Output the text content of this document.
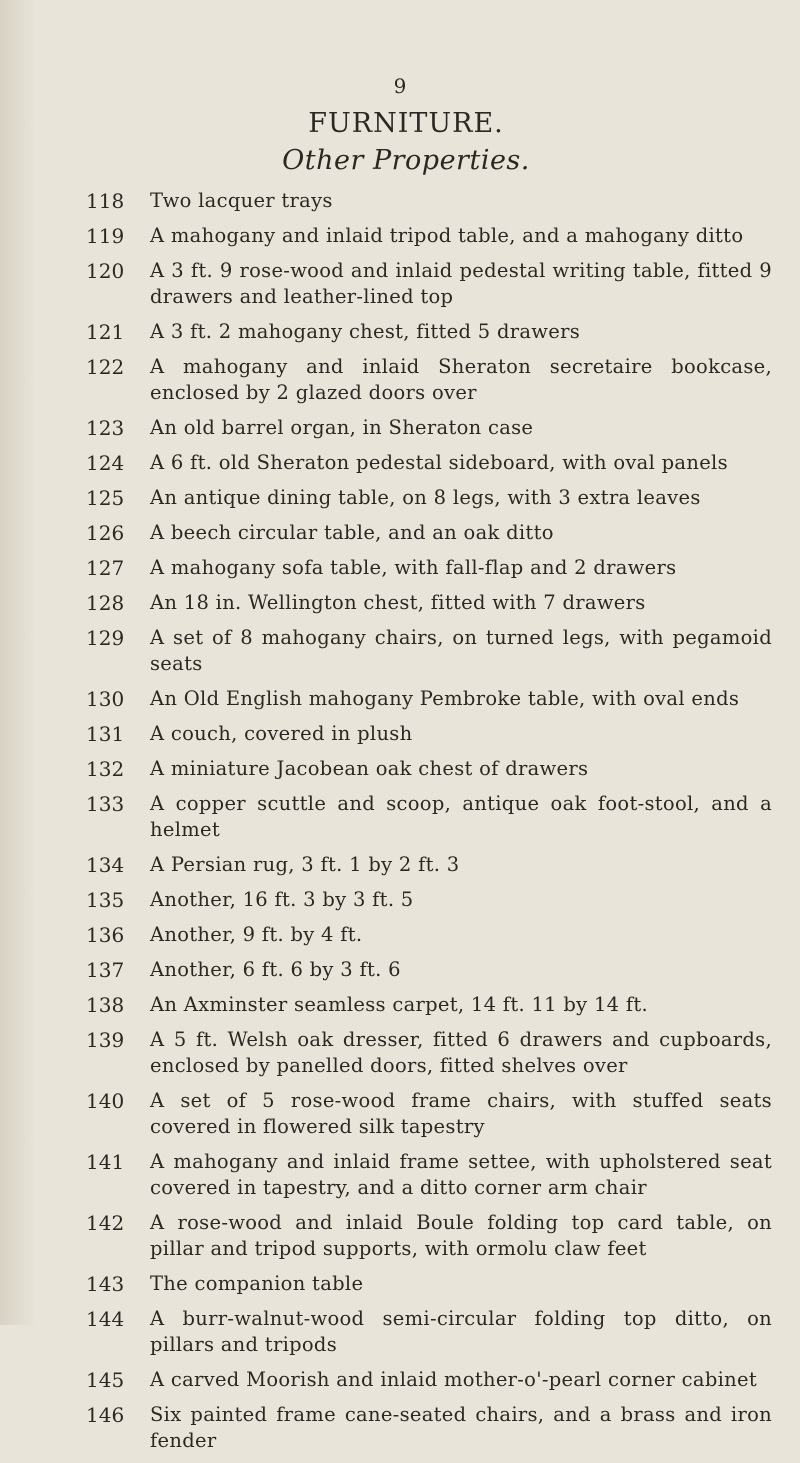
9
FURNITURE.
Other Properties.
118	Two lacquer trays
119	A mahogany and inlaid tripod table, and a mahogany ditto
120	A 3 ft. 9 rose-wood and inlaid pedestal writing table, fitted 9 drawers and leather-lined top
121	A 3 ft. 2 mahogany chest, fitted 5 drawers
122	A mahogany and inlaid Sheraton secretaire bookcase, enclosed by 2 glazed doors over
123	An old barrel organ, in Sheraton case
124	A 6 ft. old Sheraton pedestal sideboard, with oval panels
125	An antique dining table, on 8 legs, with 3 extra leaves
126	A beech circular table, and an oak ditto
127	A mahogany sofa table, with fall-flap and 2 drawers
128	An 18 in. Wellington chest, fitted with 7 drawers
129	A set of 8 mahogany chairs, on turned legs, with pegamoid seats
130	An Old English mahogany Pembroke table, with oval ends
131	A couch, covered in plush
132	A miniature Jacobean oak chest of drawers
133	A copper scuttle and scoop, antique oak foot-stool, and a helmet
134	A Persian rug, 3 ft. 1 by 2 ft. 3
135	Another, 16 ft. 3 by 3 ft. 5
136	Another, 9 ft. by 4 ft.
137	Another, 6 ft. 6 by 3 ft. 6
138	An Axminster seamless carpet, 14 ft. 11 by 14 ft.
139	A 5 ft. Welsh oak dresser, fitted 6 drawers and cupboards, enclosed by panelled doors, fitted shelves over
140	A set of 5 rose-wood frame chairs, with stuffed seats covered in flowered silk tapestry
141	A mahogany and inlaid frame settee, with upholstered seat covered in tapestry, and a ditto corner arm chair
142	A rose-wood and inlaid Boule folding top card table, on pillar and tripod supports, with ormolu claw feet
143	The companion table
144	A burr-walnut-wood semi-circular folding top ditto, on pillars and tripods
145	A carved Moorish and inlaid mother-o'-pearl corner cabinet
146	Six painted frame cane-seated chairs, and a brass and iron fender
